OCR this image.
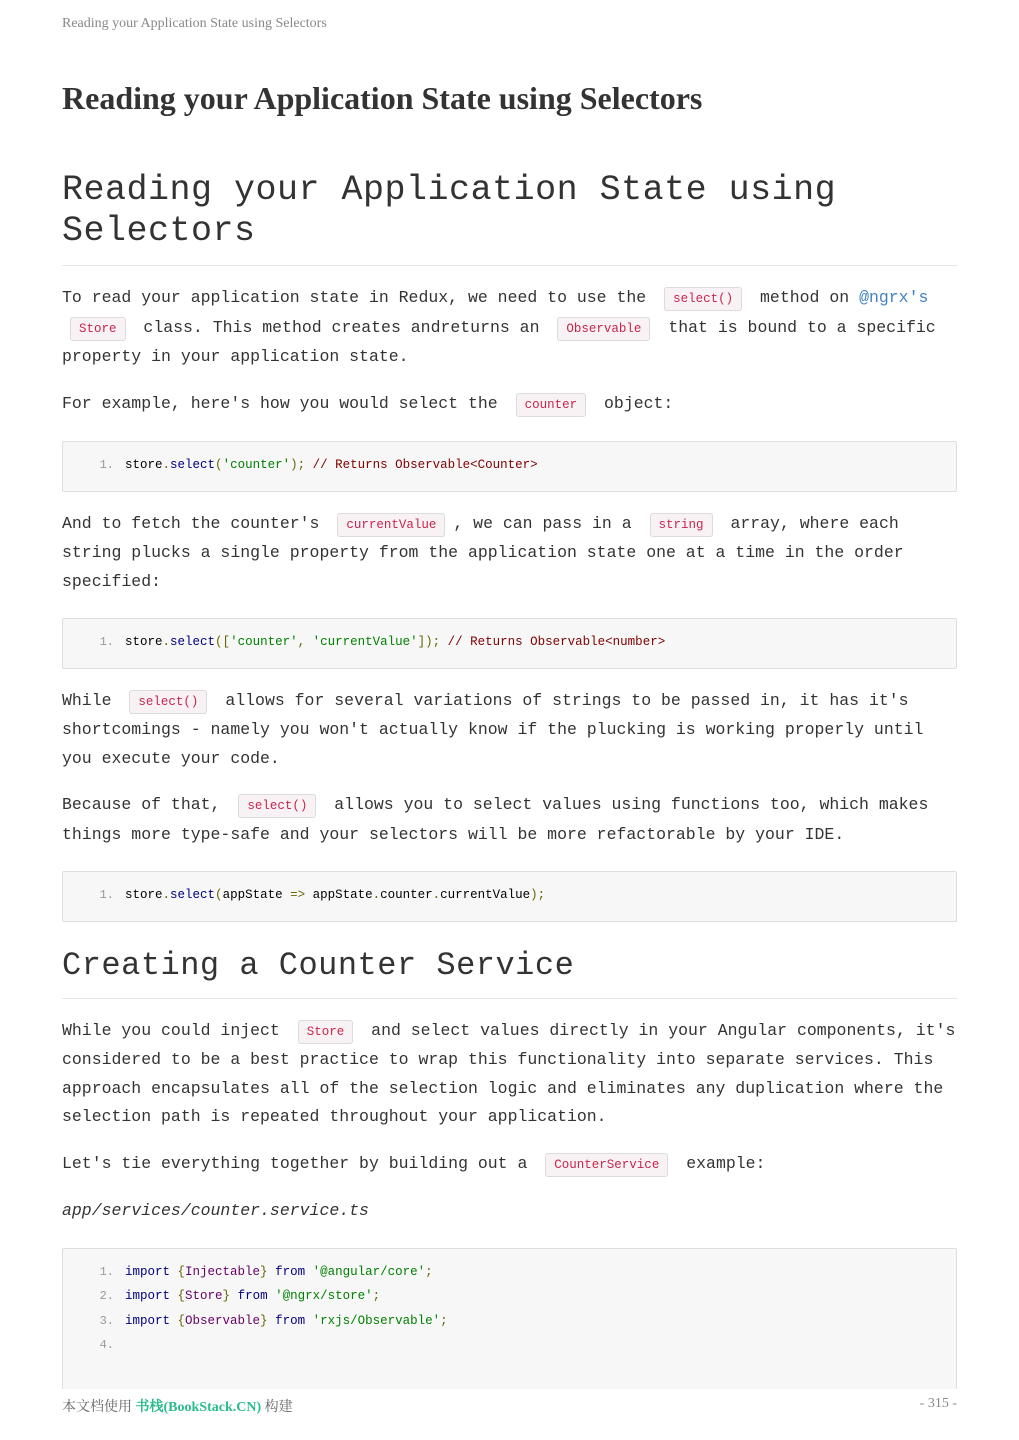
Reading your Application State using Selectors
Reading your Application State using Selectors
Reading your Application State using Selectors

To read your application state in Redux, we need to use the select() method on @ngrx's Store class. This method creates andreturns an Observable that is bound to a specific property in your application state.

For example, here's how you would select the counter object:

1. store.select('counter'); // Returns Observable<Counter>

And to fetch the counter's currentValue , we can pass in a string array, where each string plucks a single property from the application state one at a time in the order specified:

1. store.select(['counter', 'currentValue']); // Returns Observable<number>

While select() allows for several variations of strings to be passed in, it has it's shortcomings - namely you won't actually know if the plucking is working properly until you execute your code.

Because of that, select() allows you to select values using functions too, which makes things more type-safe and your selectors will be more refactorable by your IDE.

1. store.select(appState => appState.counter.currentValue);
Creating a Counter Service

While you could inject Store and select values directly in your Angular components, it's considered to be a best practice to wrap this functionality into separate services. This approach encapsulates all of the selection logic and eliminates any duplication where the selection path is repeated throughout your application.

Let's tie everything together by building out a CounterService example:

app/services/counter.service.ts
1. import {Injectable} from '@angular/core';
2. import {Store} from '@ngrx/store';
3. import {Observable} from 'rxjs/Observable';
4.
本文档使用 书栈(BookStack.CN) 构建	- 315 -
